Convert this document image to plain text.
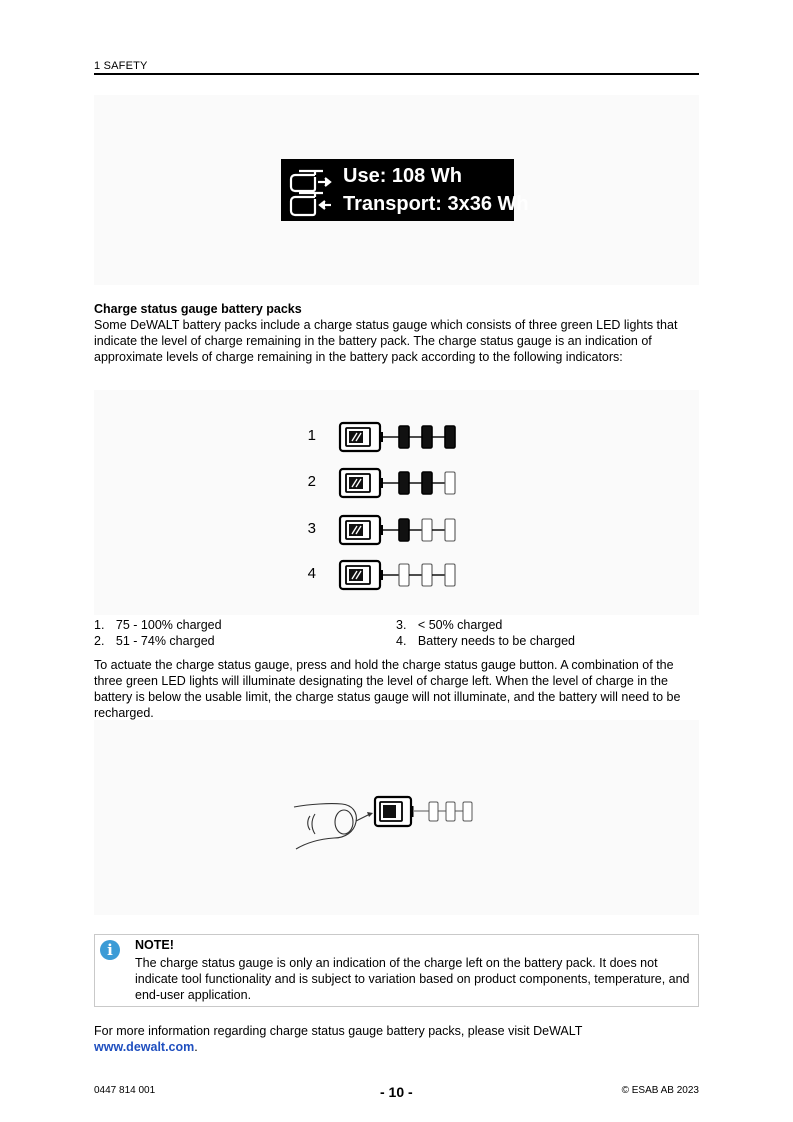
1 SAFETY
Use: 108 Wh
Transport: 3x36 Wh
Charge status gauge battery packs
Some DeWALT battery packs include a charge status gauge which consists of three green LED lights that indicate the level of charge remaining in the battery pack. The charge status gauge is an indication of approximate levels of charge remaining in the battery pack according to the following indicators:
1
2
3
4
1. 75 - 100% charged
2. 51 - 74% charged
3. < 50% charged
4. Battery needs to be charged
To actuate the charge status gauge, press and hold the charge status gauge button. A combination of the three green LED lights will illuminate designating the level of charge left. When the level of charge in the battery is below the usable limit, the charge status gauge will not illuminate, and the battery will need to be recharged.
i	NOTE!
The charge status gauge is only an indication of the charge left on the battery pack. It does not indicate tool functionality and is subject to variation based on product components, temperature, and end-user application.
For more information regarding charge status gauge battery packs, please visit DeWALT
www.dewalt.com.
0447 814 001	- 10 -	© ESAB AB 2023
